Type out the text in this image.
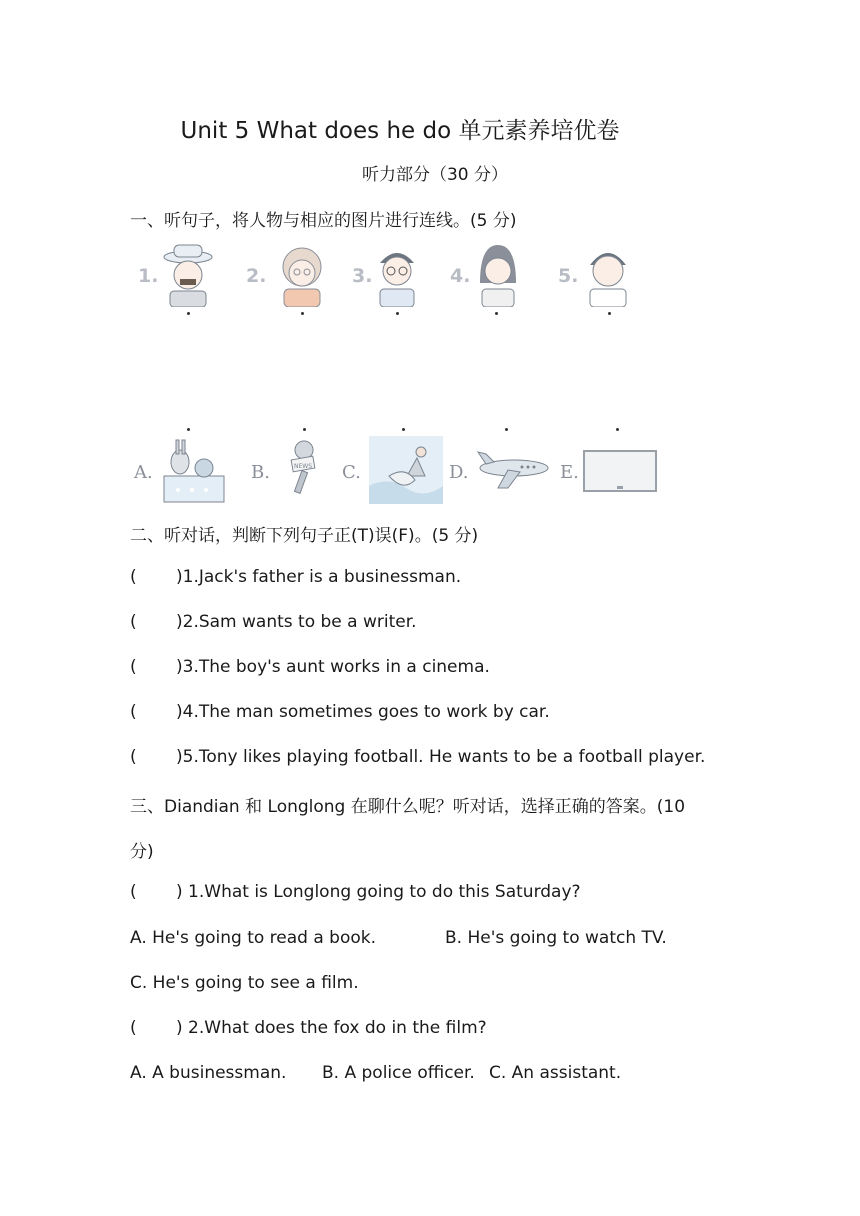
Unit 5 What does he do 单元素养培优卷
听力部分（30 分）
一、听句子，将人物与相应的图片进行连线。(5 分)
1.	2.	3.	4.	5.
A.	B.	NEWS C.	D.	E.
二、听对话，判断下列句子正(T)误(F)。(5 分)
( )1.Jack's father is a businessman.
( )2.Sam wants to be a writer.
( )3.The boy's aunt works in a cinema.
( )4.The man sometimes goes to work by car.
( )5.Tony likes playing football. He wants to be a football player.
三、Diandian 和 Longlong 在聊什么呢？听对话，选择正确的答案。(10
分)
( ) 1.What is Longlong going to do this Saturday?
A. He's going to read a book.	B. He's going to watch TV.
C. He's going to see a film.
( ) 2.What does the fox do in the film?
A. A businessman. B. A police officer. C. An assistant.
